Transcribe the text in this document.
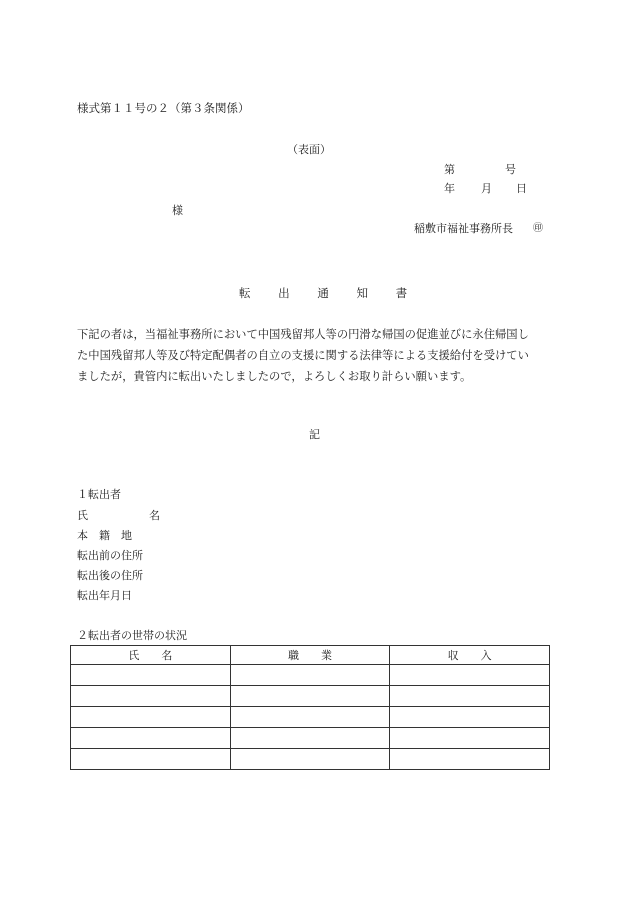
様式第１１号の２（第３条関係）
（表面）
第	号
年 月 日
様
稲敷市福祉事務所長 ㊞
転 出 通 知 書
下記の者は，当福祉事務所において中国残留邦人等の円滑な帰国の促進並びに永住帰国し
た中国残留邦人等及び特定配偶者の自立の支援に関する法律等による支援給付を受けてい
ましたが，貴管内に転出いたしましたので，よろしくお取り計らい願います。
記
１転出者
氏	名
本　籍　地
転出前の住所
転出後の住所
転出年月日
２転出者の世帯の状況
氏　　名	職　　業	収　　入
